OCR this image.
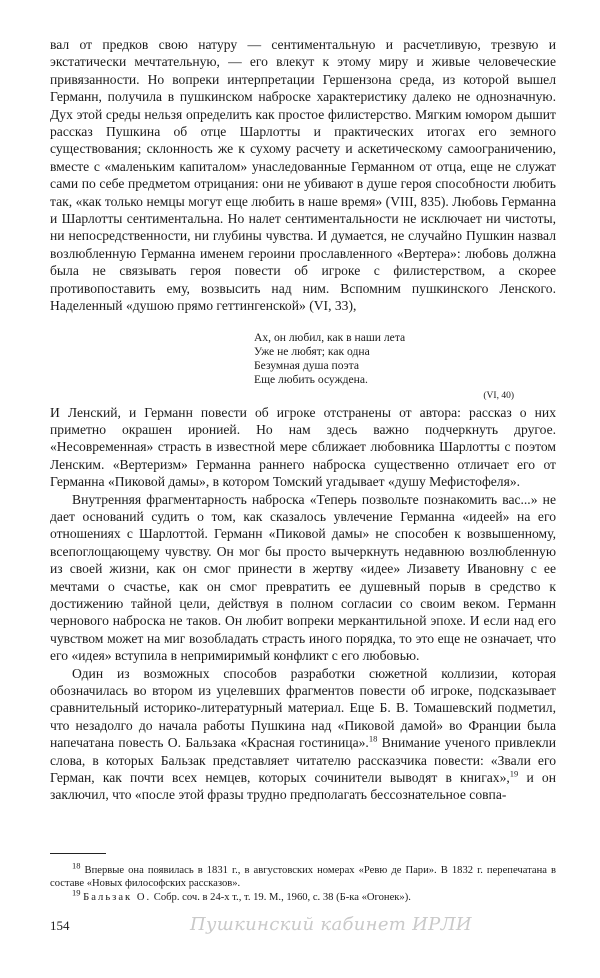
вал от предков свою натуру — сентиментальную и расчетливую, трезвую и экстатически мечтательную, — его влекут к этому миру и живые человеческие привязанности. Но вопреки интерпретации Гершензона среда, из которой вышел Германн, получила в пушкинском наброске характеристику далеко не однозначную. Дух этой среды нельзя определить как простое филистерство. Мягким юмором дышит рассказ Пушкина об отце Шарлотты и практических итогах его земного существования; склонность же к сухому расчету и аскетическому самоограничению, вместе с «маленьким капиталом» унаследованные Германном от отца, еще не служат сами по себе предметом отрицания: они не убивают в душе героя способности любить так, «как только немцы могут еще любить в наше время» (VIII, 835). Любовь Германна и Шарлотты сентиментальна. Но налет сентиментальности не исключает ни чистоты, ни непосредственности, ни глубины чувства. И думается, не случайно Пушкин назвал возлюбленную Германна именем героини прославленного «Вертера»: любовь должна была не связывать героя повести об игроке с филистерством, а скорее противопоставить ему, возвысить над ним. Вспомним пушкинского Ленского. Наделенный «душою прямо геттингенской» (VI, 33),

Ах, он любил, как в наши лета
Уже не любят; как одна
Безумная душа поэта
Еще любить осуждена.
(VI, 40)

И Ленский, и Германн повести об игроке отстранены от автора: рассказ о них приметно окрашен иронией. Но нам здесь важно подчеркнуть другое. «Несовременная» страсть в известной мере сближает любовника Шарлотты с поэтом Ленским. «Вертеризм» Германна раннего наброска существенно отличает его от Германна «Пиковой дамы», в котором Томский угадывает «душу Мефистофеля».

Внутренняя фрагментарность наброска «Теперь позвольте познакомить вас...» не дает оснований судить о том, как сказалось увлечение Германна «идеей» на его отношениях с Шарлоттой. Германн «Пиковой дамы» не способен к возвышенному, всепоглощающему чувству. Он мог бы просто вычеркнуть недавнюю возлюбленную из своей жизни, как он смог принести в жертву «идее» Лизавету Ивановну с ее мечтами о счастье, как он смог превратить ее душевный порыв в средство к достижению тайной цели, действуя в полном согласии со своим веком. Германн чернового наброска не таков. Он любит вопреки меркантильной эпохе. И если над его чувством может на миг возобладать страсть иного порядка, то это еще не означает, что его «идея» вступила в непримиримый конфликт с его любовью.

Один из возможных способов разработки сюжетной коллизии, которая обозначилась во втором из уцелевших фрагментов повести об игроке, подсказывает сравнительный историко-литературный материал. Еще Б. В. Томашевский подметил, что незадолго до начала работы Пушкина над «Пиковой дамой» во Франции была напечатана повесть О. Бальзака «Красная гостиница».$^{18}$ Внимание ученого привлекли слова, в которых Бальзак представляет читателю рассказчика повести: «Звали его Герман, как почти всех немцев, которых сочинители выводят в книгах»,$^{19}$ и он заключил, что «после этой фразы трудно предполагать бессознательное совпа-

$^{18}$ Впервые она появилась в 1831 г., в августовских номерах «Ревю де Пари». В 1832 г. перепечатана в составе «Новых философских рассказов».

$^{19}$ Бальзак О. Собр. соч. в 24-х т., т. 19. М., 1960, с. 38 (Б-ка «Огонек»).

154	Пушкинский кабинет ИРЛИ
